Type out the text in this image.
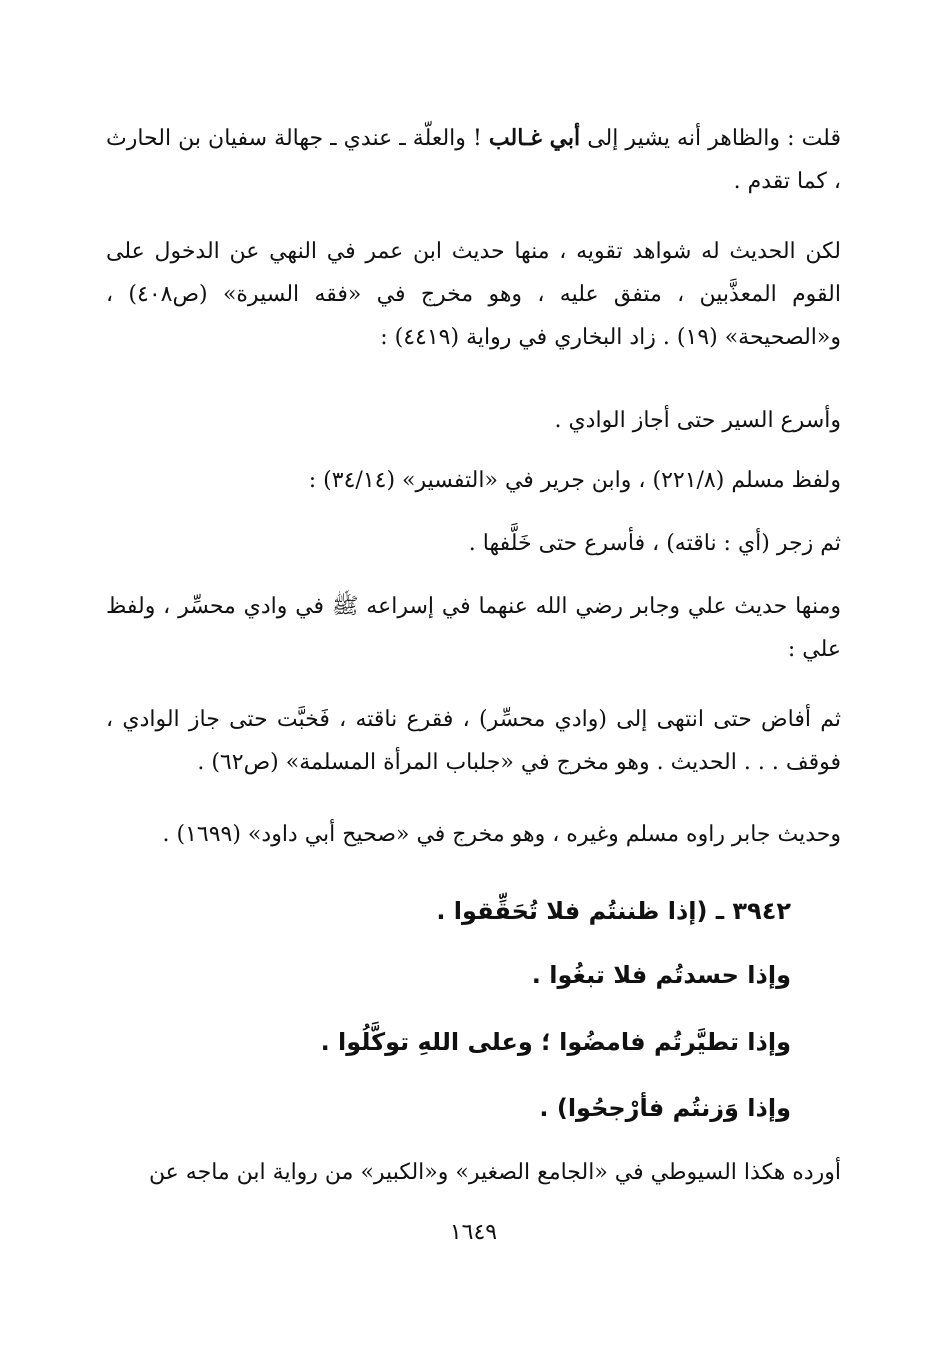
قلت : والظاهر أنه يشير إلى أبي غـالب ! والعلّة ـ عندي ـ جهالة سفيان بن الحارث ، كما تقدم .

لكن الحديث له شواهد تقويه ، منها حديث ابن عمر في النهي عن الدخول على القوم المعذَّبين ، متفق عليه ، وهو مخرج في «فقه السيرة» (ص٤٠٨) ، و«الصحيحة» (١٩) . زاد البخاري في رواية (٤٤١٩) :

وأسرع السير حتى أجاز الوادي .

ولفظ مسلم (٢٢١/٨) ، وابن جرير في «التفسير» (٣٤/١٤) :

ثم زجر (أي : ناقته) ، فأسرع حتى خَلَّفها .

ومنها حديث علي وجابر رضي الله عنهما في إسراعه ﷺ في وادي محسِّر ، ولفظ علي :

ثم أفاض حتى انتهى إلى (وادي محسِّر) ، فقرع ناقته ، فَخبَّت حتى جاز الوادي ، فوقف . . . الحديث . وهو مخرج في «جلباب المرأة المسلمة» (ص٦٢) .

وحديث جابر راوه مسلم وغيره ، وهو مخرج في «صحيح أبي داود» (١٦٩٩) .

٣٩٤٢ ـ (إذا ظننتُم فلا تُحَقِّقوا .

وإذا حسدتُم فلا تبغُوا .

وإذا تطيَّرتُم فامضُوا ؛ وعلى اللهِ توكَّلُوا .

وإذا وَزنتُم فأرْجحُوا) .

أورده هكذا السيوطي في «الجامع الصغير» و«الكبير» من رواية ابن ماجه عن

١٦٤٩
